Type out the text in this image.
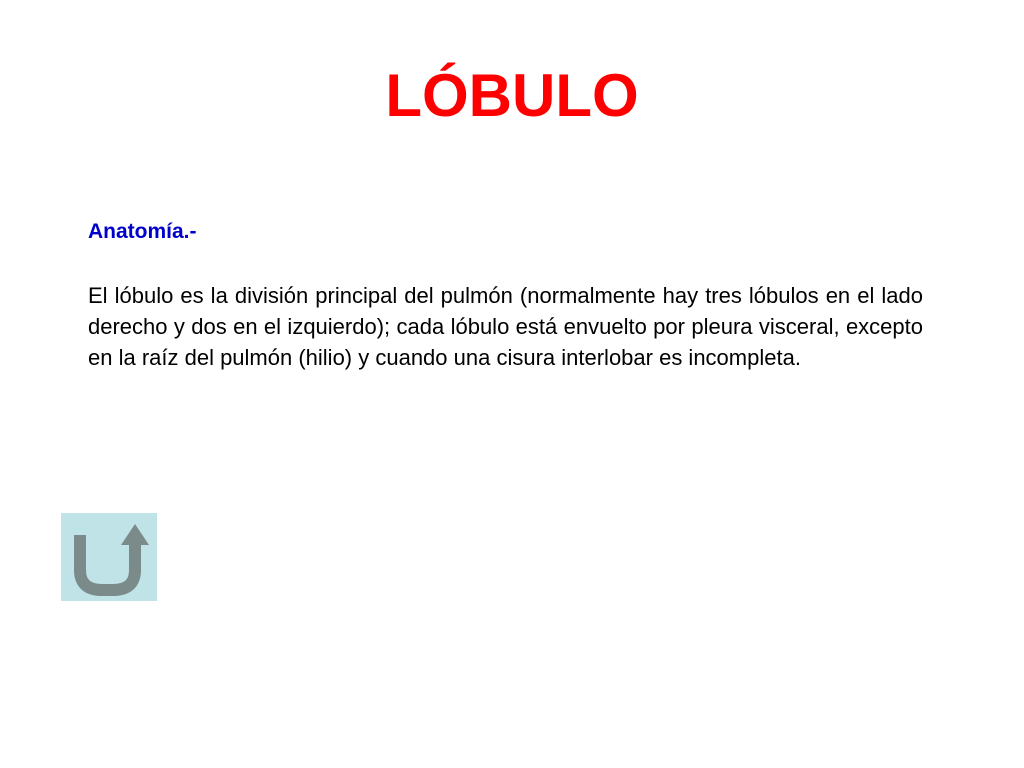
LÓBULO

Anatomía.-

El lóbulo es la división principal del pulmón (normalmente hay tres lóbulos en el lado derecho y dos en el izquierdo); cada lóbulo está envuelto por pleura visceral, excepto en la raíz del pulmón (hilio) y cuando una cisura interlobar es incompleta.
